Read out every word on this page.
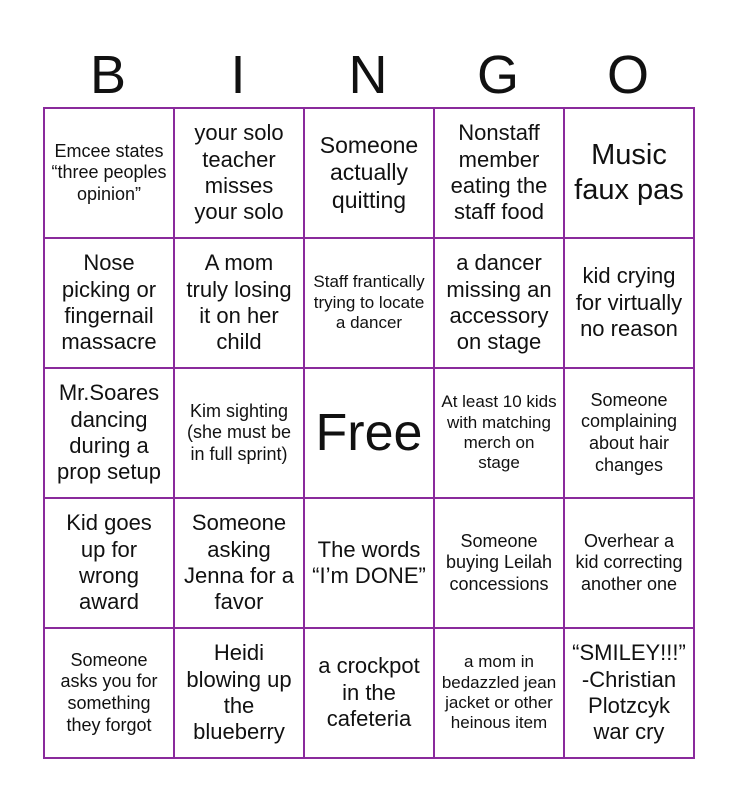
B	I	N	G	O
Emcee states “three peoples opinion”	your solo teacher misses your solo	Someone actually quitting	Nonstaff member eating the staff food	Music faux pas
Nose picking or fingernail massacre	A mom truly losing it on her child	Staff frantically trying to locate a dancer	a dancer missing an accessory on stage	kid crying for virtually no reason
Mr.Soares dancing during a prop setup	Kim sighting (she must be in full sprint)	Free	At least 10 kids with matching merch on stage	Someone complaining about hair changes
Kid goes up for wrong award	Someone asking Jenna for a favor	The words “I’m DONE”	Someone buying Leilah concessions	Overhear a kid correcting another one
Someone asks you for something they forgot	Heidi blowing up the blueberry	a crockpot in the cafeteria	a mom in bedazzled jean jacket or other heinous item	“SMILEY!!!” -Christian Plotzcyk war cry
